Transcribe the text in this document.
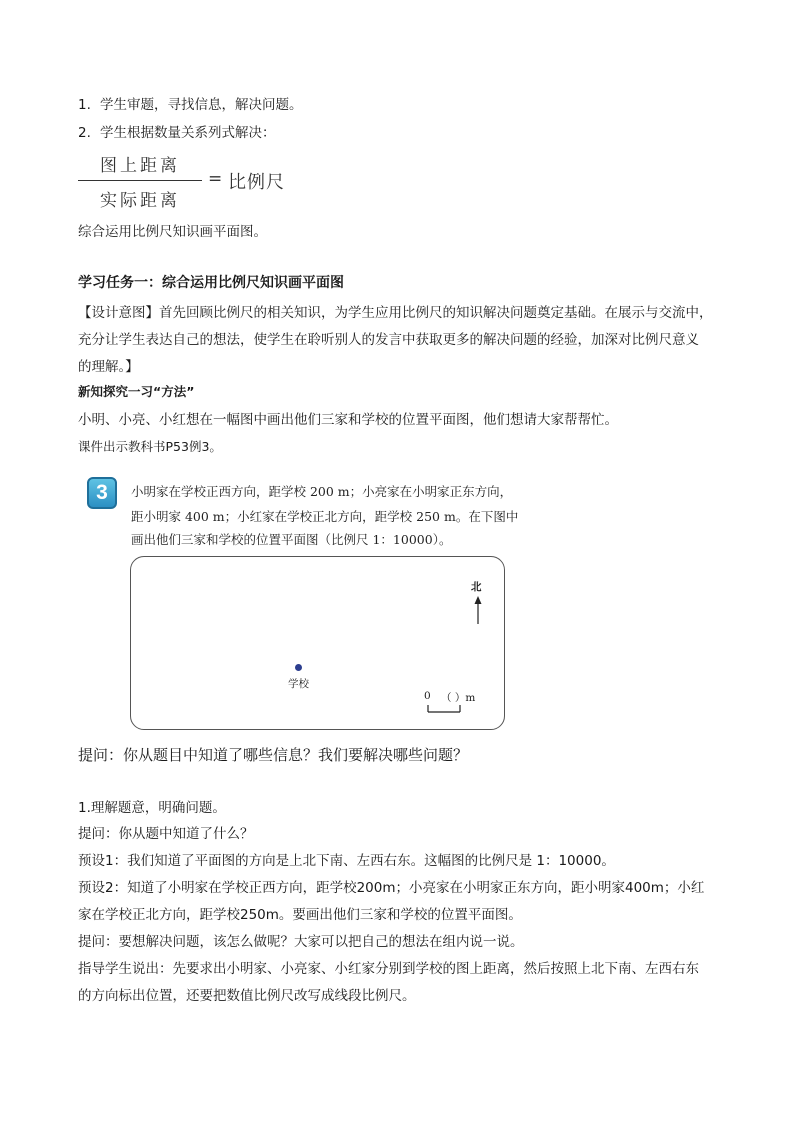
1. 学生审题，寻找信息，解决问题。
2. 学生根据数量关系列式解决：
图上距离
实际距离
= 比例尺
综合运用比例尺知识画平面图。
学习任务一：综合运用比例尺知识画平面图
【设计意图】首先回顾比例尺的相关知识，为学生应用比例尺的知识解决问题奠定基础。在展示与交流中，
充分让学生表达自己的想法，使学生在聆听别人的发言中获取更多的解决问题的经验，加深对比例尺意义
的理解。】
新知探究一习“方法”
小明、小亮、小红想在一幅图中画出他们三家和学校的位置平面图，他们想请大家帮帮忙。
课件出示教科书P53例3。
3	小明家在学校正西方向，距学校 200 m；小亮家在小明家正东方向，
距小明家 400 m；小红家在学校正北方向，距学校 250 m。在下图中
画出他们三家和学校的位置平面图（比例尺 1：10000）。
北
学校
0 （ ）m
提问：你从题目中知道了哪些信息？我们要解决哪些问题？
1.理解题意，明确问题。
提问：你从题中知道了什么？
预设1：我们知道了平面图的方向是上北下南、左西右东。这幅图的比例尺是 1：10000。
预设2：知道了小明家在学校正西方向，距学校200m；小亮家在小明家正东方向，距小明家400m；小红
家在学校正北方向，距学校250m。要画出他们三家和学校的位置平面图。
提问：要想解决问题，该怎么做呢？大家可以把自己的想法在组内说一说。
指导学生说出：先要求出小明家、小亮家、小红家分别到学校的图上距离，然后按照上北下南、左西右东
的方向标出位置，还要把数值比例尺改写成线段比例尺。
